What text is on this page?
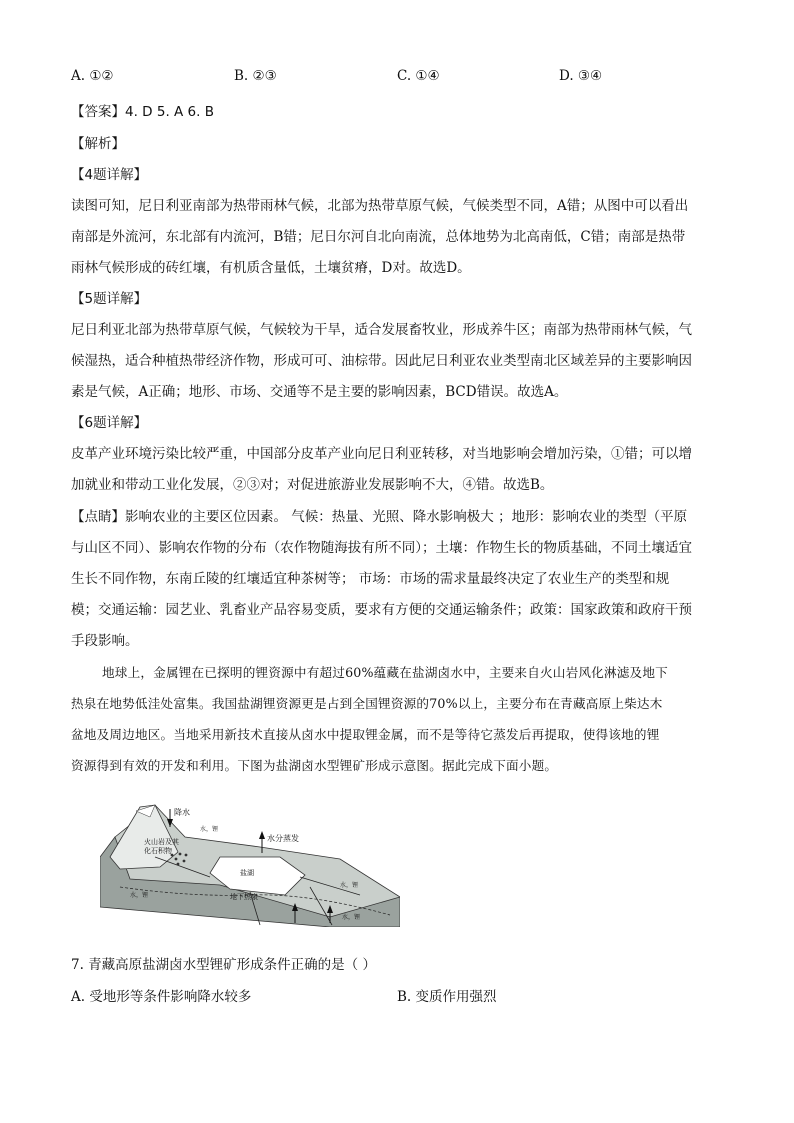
A. ①②	B. ②③	C. ①④	D. ③④
【答案】4. D 5. A 6. B
【解析】
【4题详解】
读图可知，尼日利亚南部为热带雨林气候，北部为热带草原气候，气候类型不同，A错；从图中可以看出
南部是外流河，东北部有内流河，B错；尼日尔河自北向南流，总体地势为北高南低，C错；南部是热带
雨林气候形成的砖红壤，有机质含量低，土壤贫瘠，D对。故选D。
【5题详解】
尼日利亚北部为热带草原气候，气候较为干旱，适合发展畜牧业，形成养牛区；南部为热带雨林气候，气
候湿热，适合种植热带经济作物，形成可可、油棕带。因此尼日利亚农业类型南北区域差异的主要影响因
素是气候，A正确；地形、市场、交通等不是主要的影响因素，BCD错误。故选A。
【6题详解】
皮革产业环境污染比较严重，中国部分皮革产业向尼日利亚转移，对当地影响会增加污染，①错；可以增
加就业和带动工业化发展，②③对；对促进旅游业发展影响不大，④错。故选B。
【点睛】影响农业的主要区位因素。 气候：热量、光照、降水影响极大 ；地形：影响农业的类型（平原
与山区不同）、影响农作物的分布（农作物随海拔有所不同）；土壤：作物生长的物质基础，不同土壤适宜
生长不同作物，东南丘陵的红壤适宜种茶树等； 市场：市场的需求量最终决定了农业生产的类型和规
模；交通运输：园艺业、乳畜业产品容易变质，要求有方便的交通运输条件；政策：国家政策和政府干预
手段影响。
地球上，金属锂在已探明的锂资源中有超过60%蕴藏在盐湖卤水中，主要来自火山岩风化淋滤及地下
热泉在地势低洼处富集。我国盐湖锂资源更是占到全国锂资源的70%以上，主要分布在青藏高原上柴达木
盆地及周边地区。当地采用新技术直接从卤水中提取锂金属，而不是等待它蒸发后再提取，使得该地的锂
资源得到有效的开发和利用。下图为盐湖卤水型锂矿形成示意图。据此完成下面小题。
降水
水分蒸发
盐湖
火山岩及其
化石积物
水，锂
水，锂
水，锂
水，锂
地下热泉
7. 青藏高原盐湖卤水型锂矿形成条件正确的是（ ）
A. 受地形等条件影响降水较多	B. 变质作用强烈
